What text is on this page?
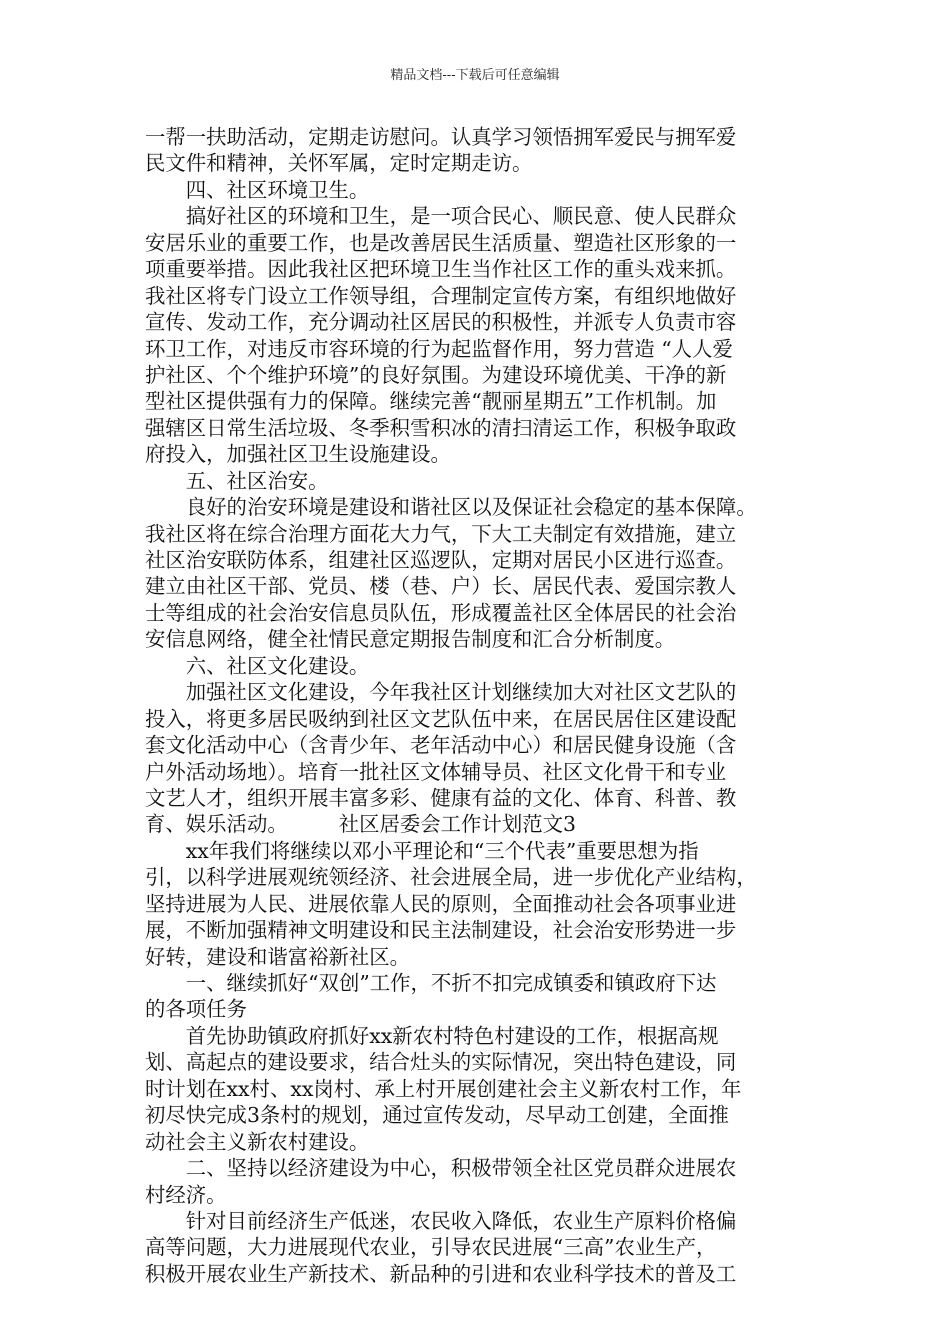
精品文档---下载后可任意编辑
一帮一扶助活动，定期走访慰问。认真学习领悟拥军爱民与拥军爱
民文件和精神，关怀军属，定时定期走访。
　　四、社区环境卫生。
　　搞好社区的环境和卫生，是一项合民心、顺民意、使人民群众
安居乐业的重要工作，也是改善居民生活质量、塑造社区形象的一
项重要举措。因此我社区把环境卫生当作社区工作的重头戏来抓。
我社区将专门设立工作领导组，合理制定宣传方案，有组织地做好
宣传、发动工作，充分调动社区居民的积极性，并派专人负责市容
环卫工作，对违反市容环境的行为起监督作用，努力营造 “人人爱
护社区、个个维护环境”的良好氛围。为建设环境优美、干净的新
型社区提供强有力的保障。继续完善“靓丽星期五”工作机制。加
强辖区日常生活垃圾、冬季积雪积冰的清扫清运工作，积极争取政
府投入，加强社区卫生设施建设。
　　五、社区治安。
　　良好的治安环境是建设和谐社区以及保证社会稳定的基本保障。
我社区将在综合治理方面花大力气，下大工夫制定有效措施，建立
社区治安联防体系，组建社区巡逻队，定期对居民小区进行巡查。
建立由社区干部、党员、楼（巷、户）长、居民代表、爱国宗教人
士等组成的社会治安信息员队伍，形成覆盖社区全体居民的社会治
安信息网络，健全社情民意定期报告制度和汇合分析制度。
　　六、社区文化建设。
　　加强社区文化建设，今年我社区计划继续加大对社区文艺队的
投入，将更多居民吸纳到社区文艺队伍中来，在居民居住区建设配
套文化活动中心（含青少年、老年活动中心）和居民健身设施（含
户外活动场地）。培育一批社区文体辅导员、社区文化骨干和专业
文艺人才，组织开展丰富多彩、健康有益的文化、体育、科普、教
育、娱乐活动。　　　社区居委会工作计划范文3
　　xx年我们将继续以邓小平理论和“三个代表”重要思想为指
引，以科学进展观统领经济、社会进展全局，进一步优化产业结构，
坚持进展为人民、进展依靠人民的原则，全面推动社会各项事业进
展，不断加强精神文明建设和民主法制建设，社会治安形势进一步
好转，建设和谐富裕新社区。
　　一、继续抓好“双创”工作，不折不扣完成镇委和镇政府下达
的各项任务
　　首先协助镇政府抓好xx新农村特色村建设的工作，根据高规
划、高起点的建设要求，结合灶头的实际情况，突出特色建设，同
时计划在xx村、xx岗村、承上村开展创建社会主义新农村工作，年
初尽快完成3条村的规划，通过宣传发动，尽早动工创建，全面推
动社会主义新农村建设。
　　二、坚持以经济建设为中心，积极带领全社区党员群众进展农
村经济。
　　针对目前经济生产低迷，农民收入降低，农业生产原料价格偏
高等问题，大力进展现代农业，引导农民进展“三高”农业生产，
积极开展农业生产新技术、新品种的引进和农业科学技术的普及工
